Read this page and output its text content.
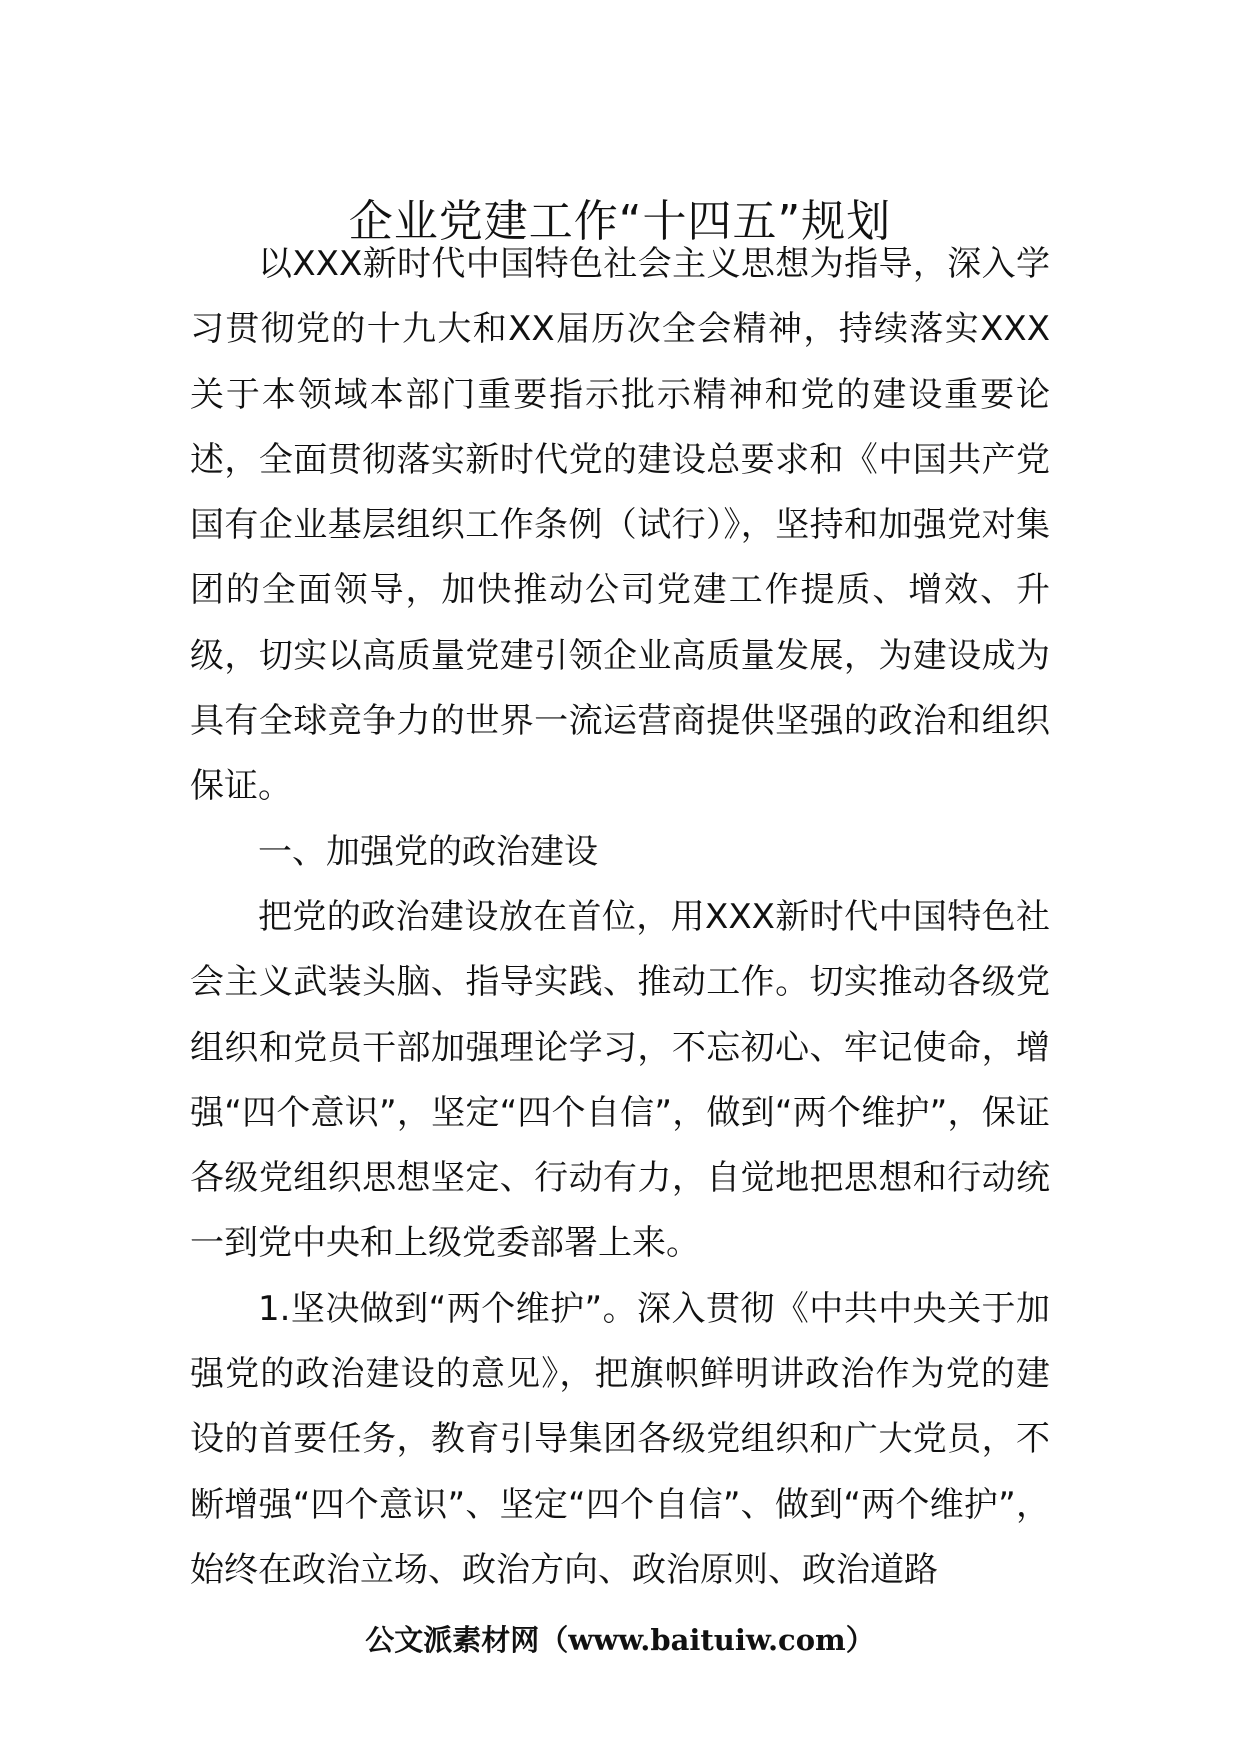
企业党建工作“十四五”规划

以XXX新时代中国特色社会主义思想为指导，深入学习贯彻党的十九大和XX届历次全会精神，持续落实XXX关于本领域本部门重要指示批示精神和党的建设重要论述，全面贯彻落实新时代党的建设总要求和《中国共产党国有企业基层组织工作条例（试行）》，坚持和加强党对集团的全面领导，加快推动公司党建工作提质、增效、升级，切实以高质量党建引领企业高质量发展，为建设成为具有全球竞争力的世界一流运营商提供坚强的政治和组织保证。

一、加强党的政治建设

把党的政治建设放在首位，用XXX新时代中国特色社会主义武装头脑、指导实践、推动工作。切实推动各级党组织和党员干部加强理论学习，不忘初心、牢记使命，增强“四个意识”，坚定“四个自信”，做到“两个维护”，保证各级党组织思想坚定、行动有力，自觉地把思想和行动统一到党中央和上级党委部署上来。

1.坚决做到“两个维护”。深入贯彻《中共中央关于加强党的政治建设的意见》，把旗帜鲜明讲政治作为党的建设的首要任务，教育引导集团各级党组织和广大党员，不断增强“四个意识”、坚定“四个自信”、做到“两个维护”，始终在政治立场、政治方向、政治原则、政治道路

公文派素材网（www.baituiw.com）
